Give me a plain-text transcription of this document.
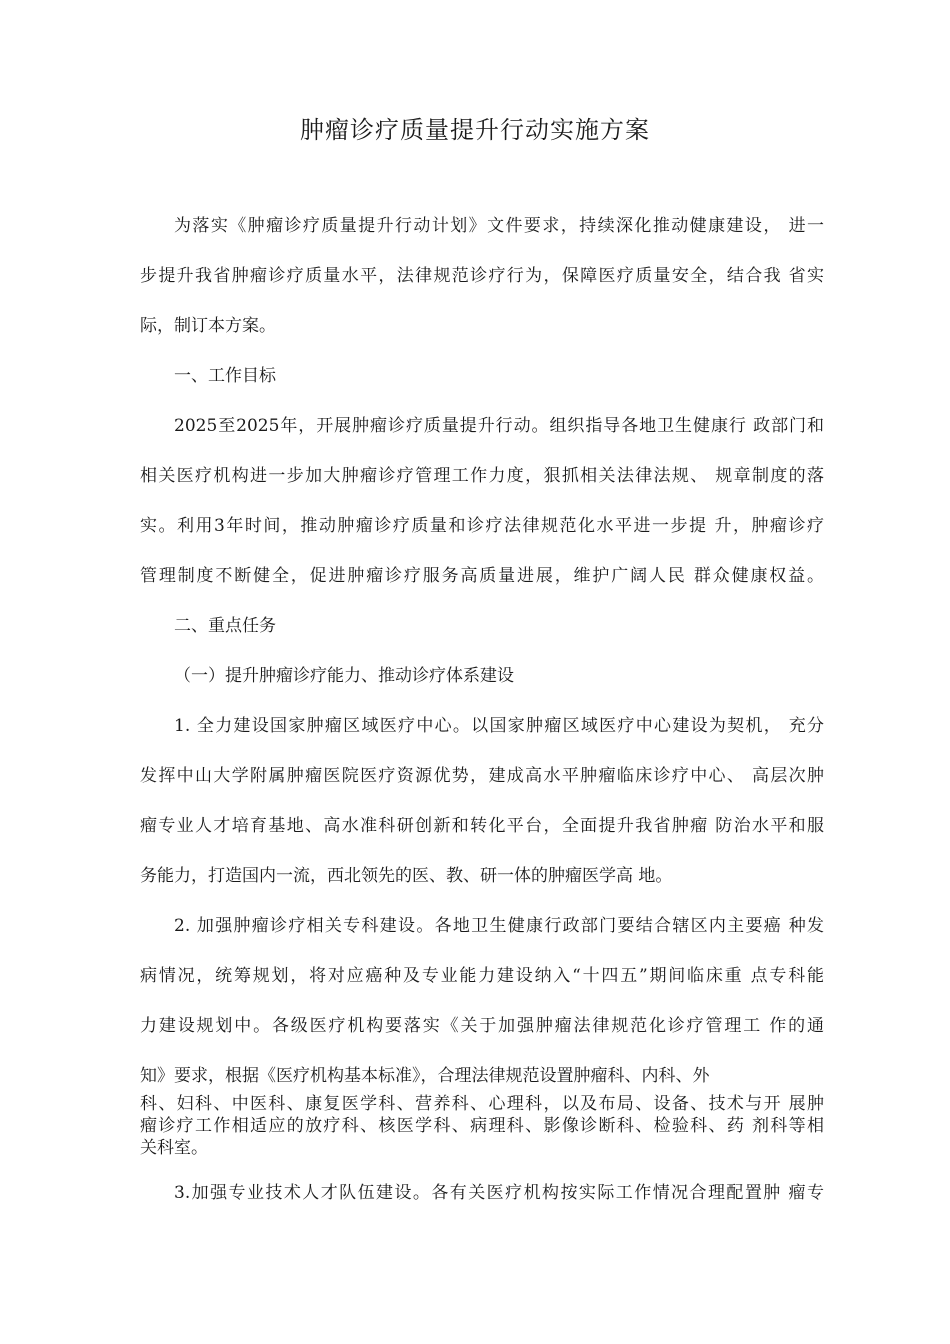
肿瘤诊疗质量提升行动实施方案
为落实《肿瘤诊疗质量提升行动计划》文件要求，持续深化推动健康建设， 进一
步提升我省肿瘤诊疗质量水平，法律规范诊疗行为，保障医疗质量安全，结合我 省实
际，制订本方案。
一、工作目标
2025至2025年，开展肿瘤诊疗质量提升行动。组织指导各地卫生健康行 政部门和
相关医疗机构进一步加大肿瘤诊疗管理工作力度，狠抓相关法律法规、 规章制度的落
实。利用3年时间，推动肿瘤诊疗质量和诊疗法律规范化水平进一步提 升，肿瘤诊疗
管理制度不断健全，促进肿瘤诊疗服务高质量进展，维护广阔人民 群众健康权益。
二、重点任务
（一）提升肿瘤诊疗能力、推动诊疗体系建设
1. 全力建设国家肿瘤区域医疗中心。以国家肿瘤区域医疗中心建设为契机， 充分
发挥中山大学附属肿瘤医院医疗资源优势，建成高水平肿瘤临床诊疗中心、 高层次肿
瘤专业人才培育基地、高水准科研创新和转化平台，全面提升我省肿瘤 防治水平和服
务能力，打造国内一流，西北领先的医、教、研一体的肿瘤医学高 地。
2. 加强肿瘤诊疗相关专科建设。各地卫生健康行政部门要结合辖区内主要癌 种发
病情况，统筹规划，将对应癌种及专业能力建设纳入“十四五”期间临床重 点专科能
力建设规划中。各级医疗机构要落实《关于加强肿瘤法律规范化诊疗管理工 作的通
知》要求，根据《医疗机构基本标准》，合理法律规范设置肿瘤科、内科、外
科、妇科、中医科、康复医学科、营养科、心理科，以及布局、设备、技术与开 展肿
瘤诊疗工作相适应的放疗科、核医学科、病理科、影像诊断科、检验科、药 剂科等相
关科室。
3.加强专业技术人才队伍建设。各有关医疗机构按实际工作情况合理配置肿 瘤专
